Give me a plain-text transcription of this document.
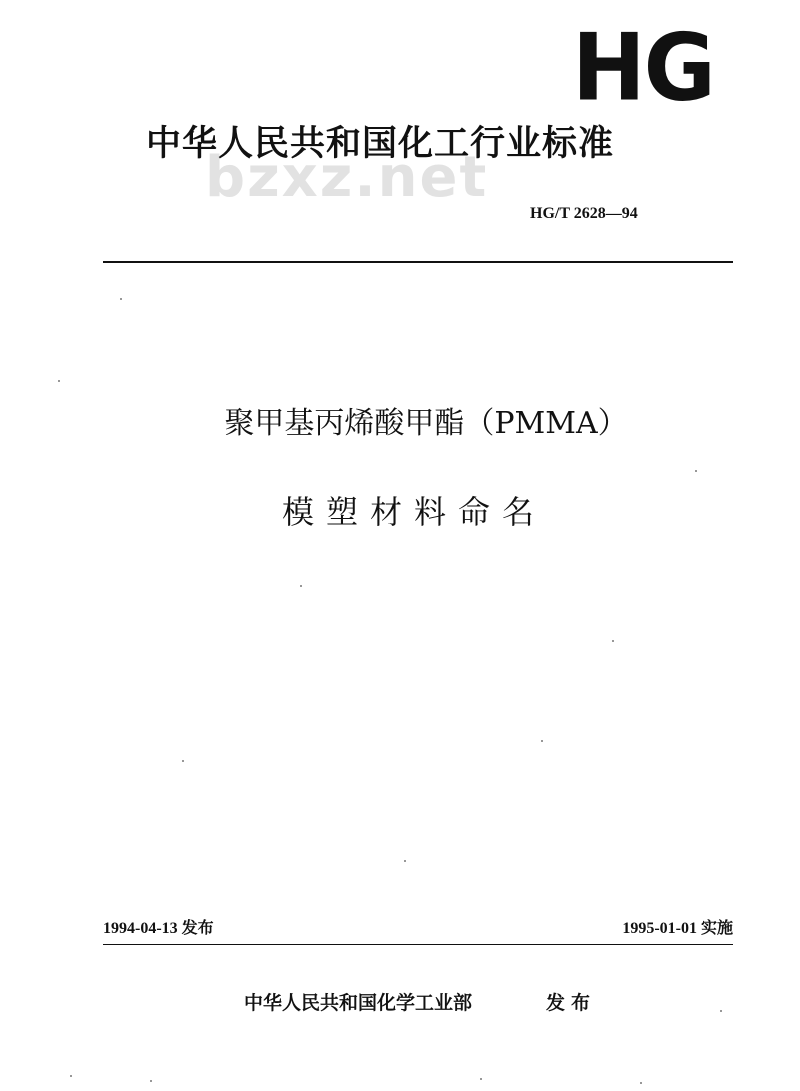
HG
中华人民共和国化工行业标准
bzxz.net
HG/T 2628—94
聚甲基丙烯酸甲酯（PMMA）
模塑材料命名
1994-04-13 发布	1995-01-01 实施
中华人民共和国化学工业部	发布
